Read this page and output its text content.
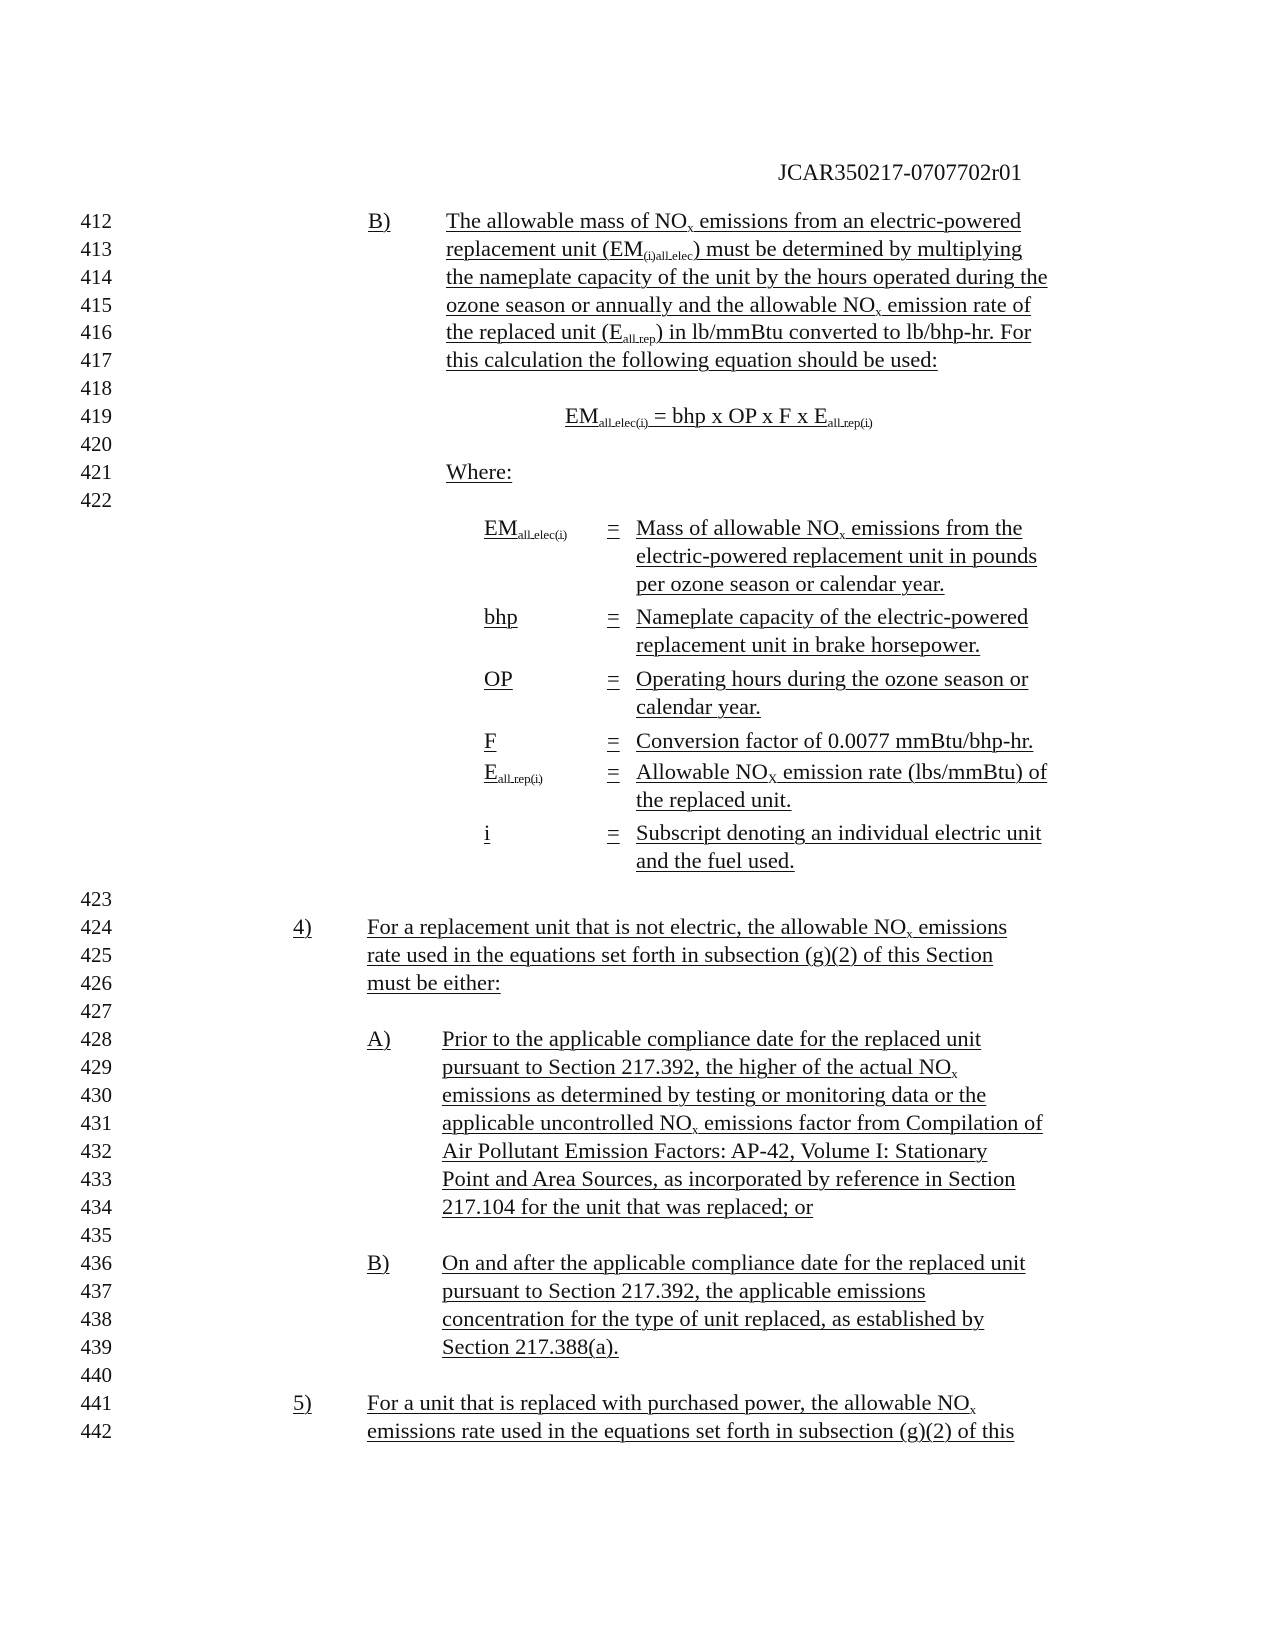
JCAR350217-0707702r01
412
413
414
415
416
417
418
419
420
421
422
423
424
425
426
427
428
429
430
431
432
433
434
435
436
437
438
439
440
441
442
B) The allowable mass of $NO_x$ emissions from an electric-powered
replacement unit $(EM_{(i)all elec})$ must be determined by multiplying
the nameplate capacity of the unit by the hours operated during the
ozone season or annually and the allowable $NO_x$ emission rate of
the replaced unit $(E_{all rep})$ in lb/mmBtu converted to lb/bhp-hr. For
this calculation the following equation should be used:
$EM_{all elec(i)}$ = bhp x OP x F x $E_{all rep(i)}$
Where:
$EM_{all elec(i)}$ = Mass of allowable $NO_x$ emissions from the
electric-powered replacement unit in pounds
per ozone season or calendar year.
bhp	= Nameplate capacity of the electric-powered
replacement unit in brake horsepower.
OP	= Operating hours during the ozone season or
calendar year.
F	= Conversion factor of 0.0077 mmBtu/bhp-hr.
$E_{all rep(i)}$	= Allowable $NO_X$ emission rate (lbs/mmBtu) of
the replaced unit.
i	= Subscript denoting an individual electric unit
and the fuel used.
4) For a replacement unit that is not electric, the allowable $NO_x$ emissions
rate used in the equations set forth in subsection (g)(2) of this Section
must be either:
A) Prior to the applicable compliance date for the replaced unit
pursuant to Section 217.392, the higher of the actual $NO_x$
emissions as determined by testing or monitoring data or the
applicable uncontrolled $NO_x$ emissions factor from Compilation of
Air Pollutant Emission Factors: AP-42, Volume I: Stationary
Point and Area Sources, as incorporated by reference in Section
217.104 for the unit that was replaced; or
B) On and after the applicable compliance date for the replaced unit
pursuant to Section 217.392, the applicable emissions
concentration for the type of unit replaced, as established by
Section 217.388(a).
5) For a unit that is replaced with purchased power, the allowable $NO_x$
emissions rate used in the equations set forth in subsection (g)(2) of this
